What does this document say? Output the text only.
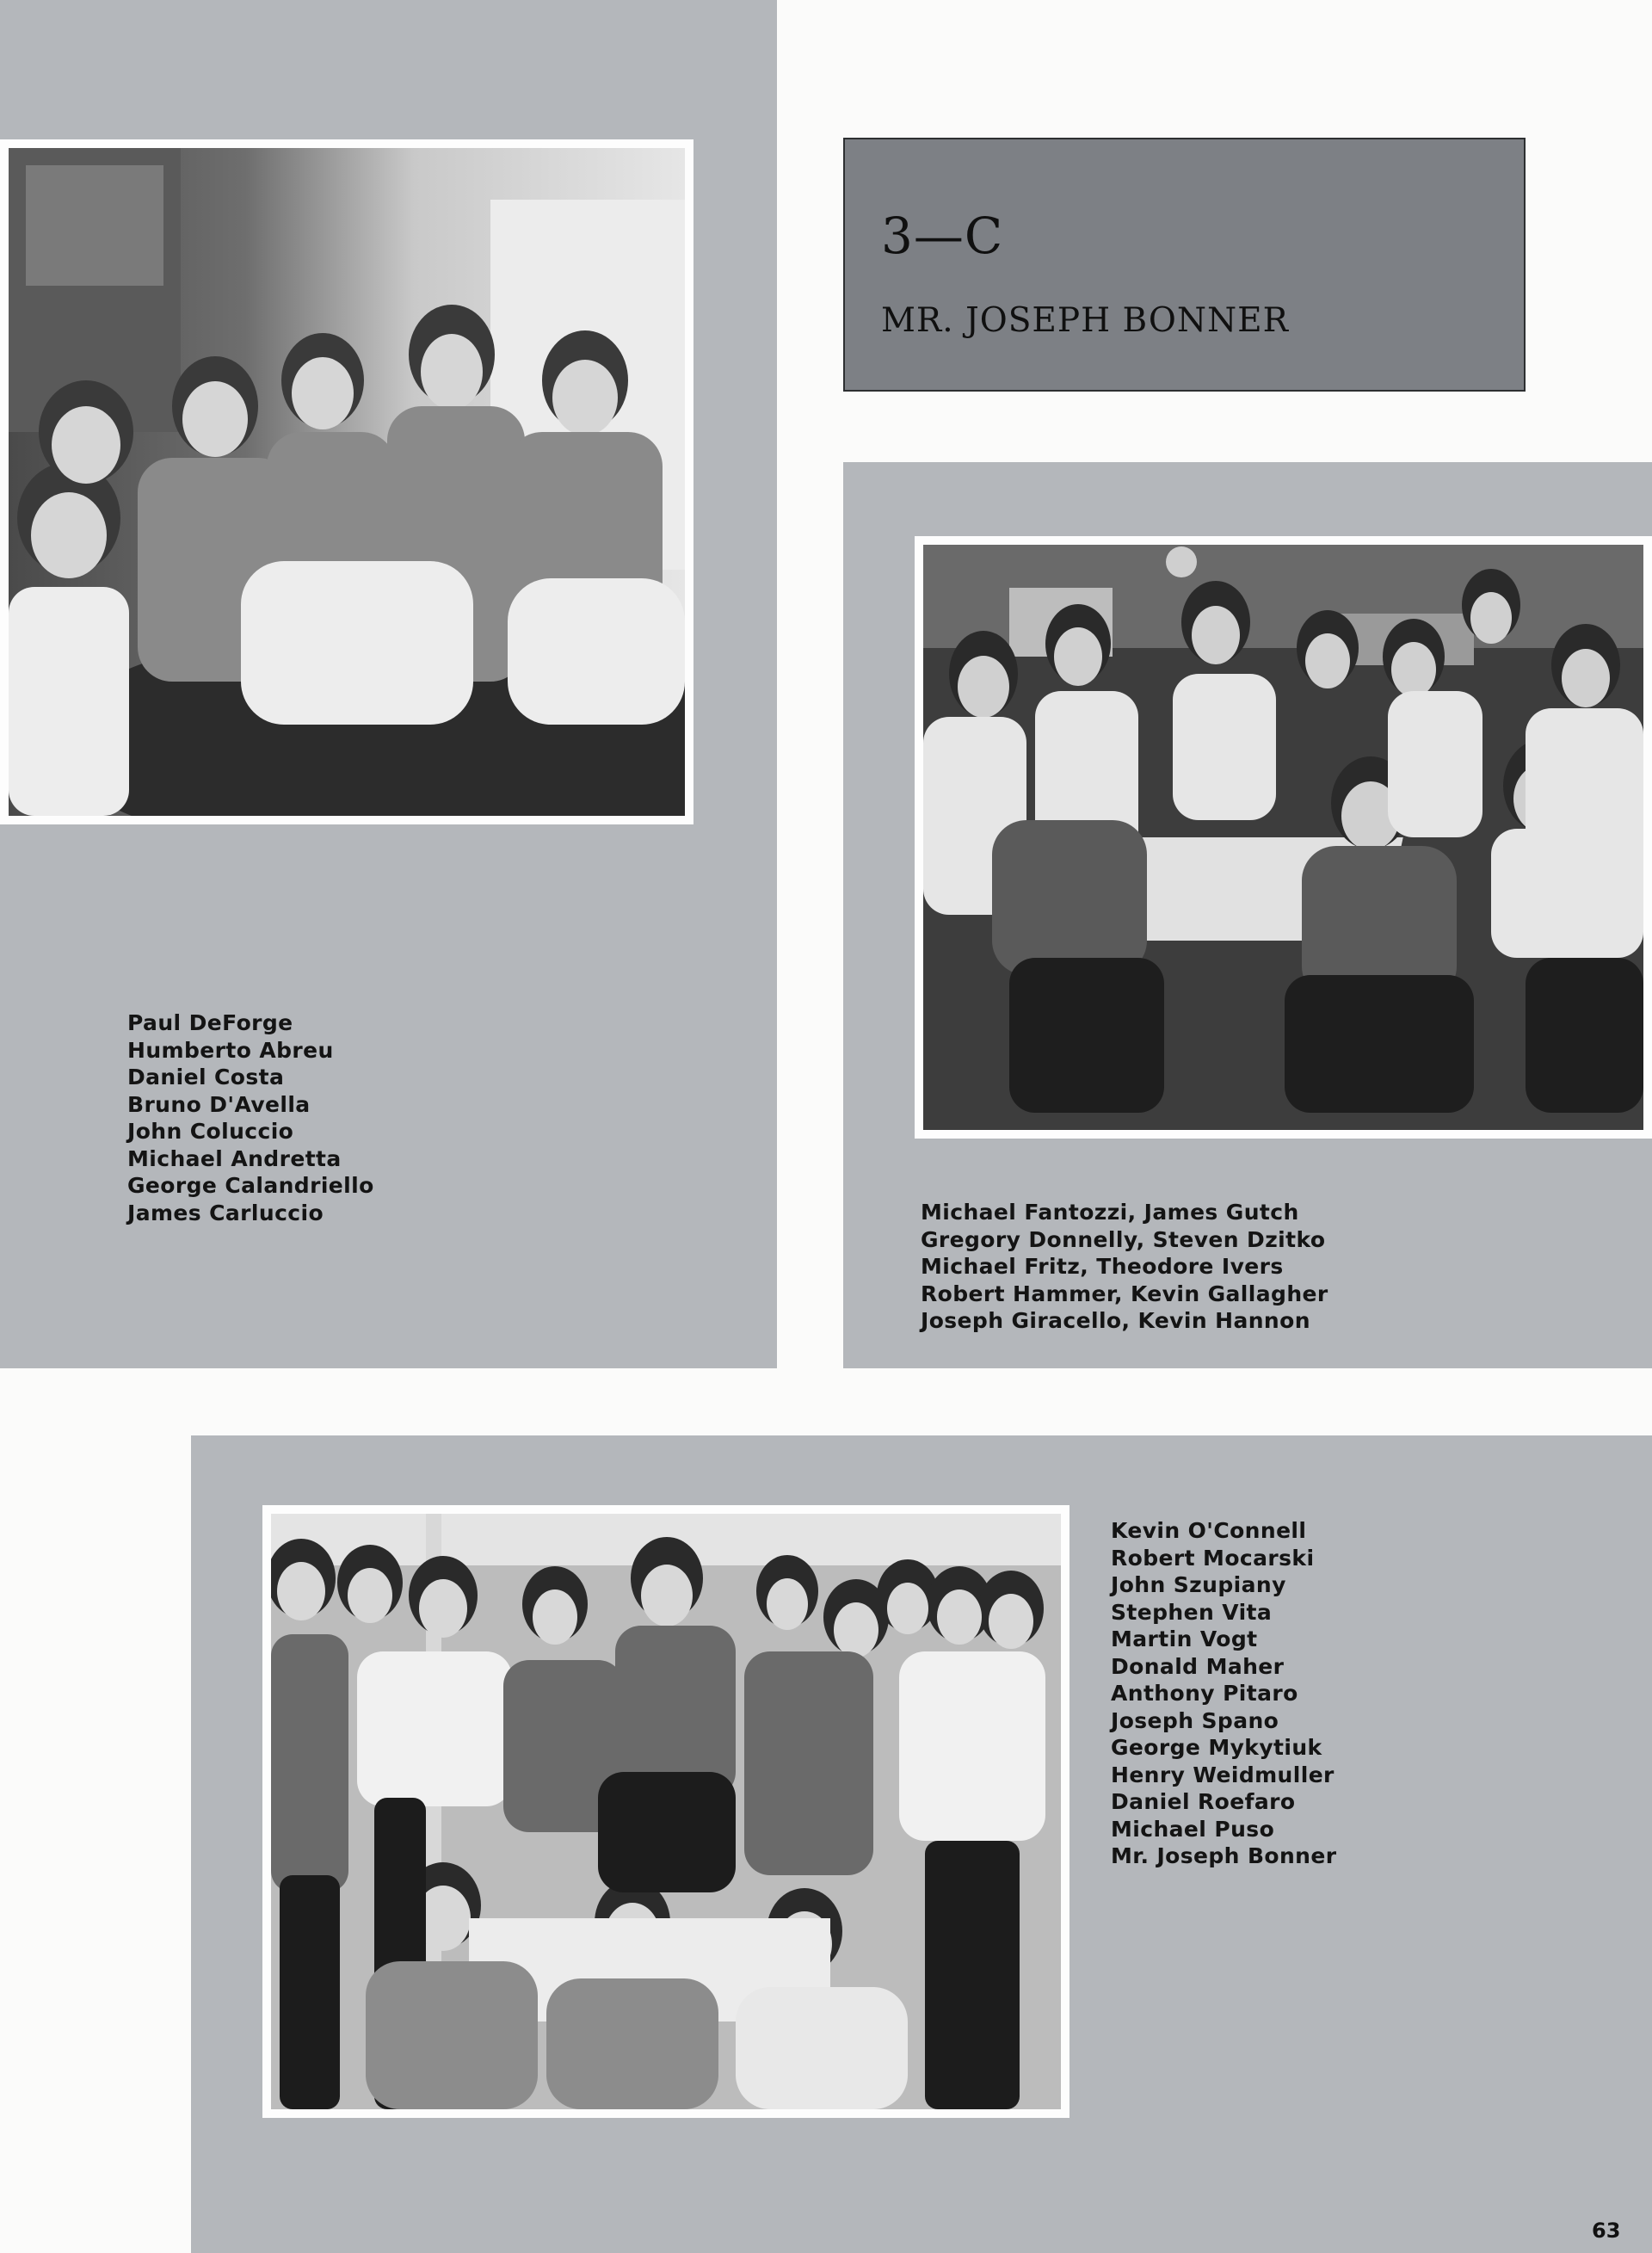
3—C
MR. JOSEPH BONNER
Paul DeForge
Humberto Abreu
Daniel Costa
Bruno D'Avella
John Coluccio
Michael Andretta
George Calandriello
James Carluccio	Michael Fantozzi, James Gutch
Gregory Donnelly, Steven Dzitko
Michael Fritz, Theodore Ivers
Robert Hammer, Kevin Gallagher
Joseph Giracello, Kevin Hannon
Kevin O'Connell
Robert Mocarski
John Szupiany
Stephen Vita
Martin Vogt
Donald Maher
Anthony Pitaro
Joseph Spano
George Mykytiuk
Henry Weidmuller
Daniel Roefaro
Michael Puso
Mr. Joseph Bonner
63
